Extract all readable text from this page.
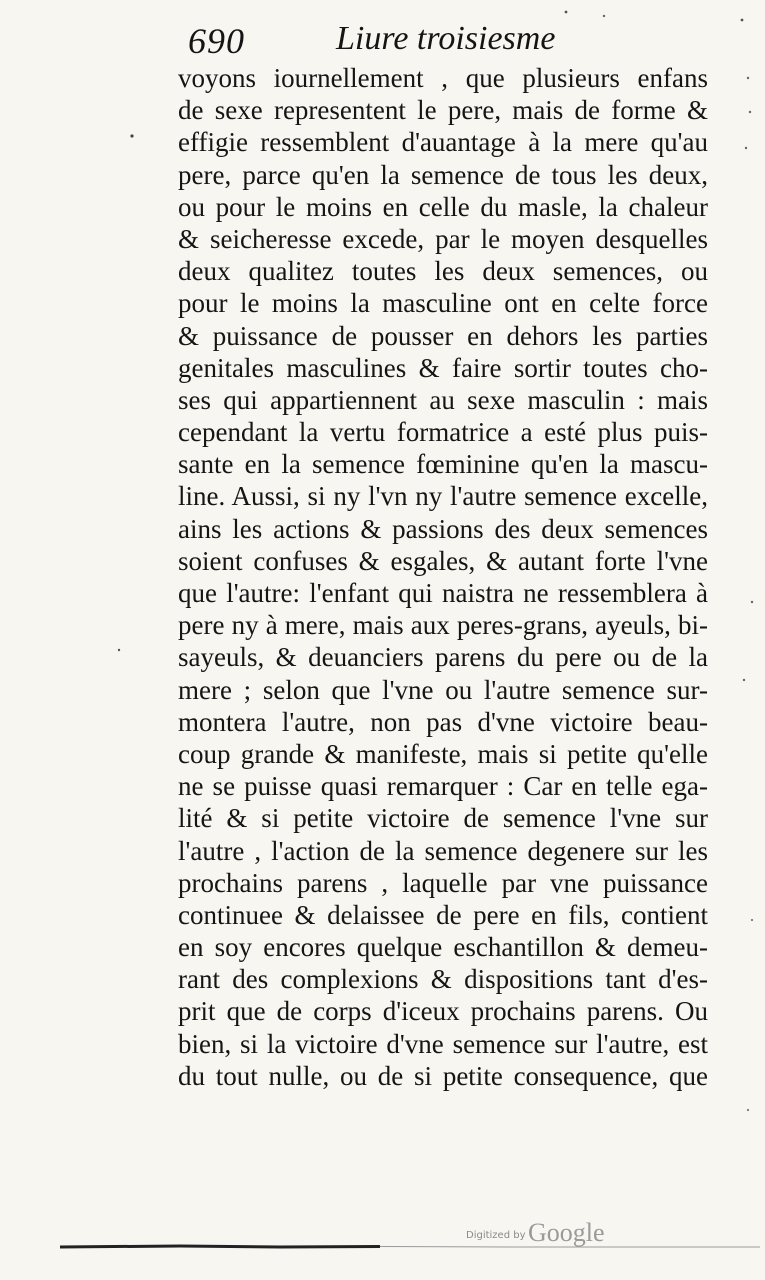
690	Liure troisiesme
voyons iournellement , que plusieurs enfans
de sexe representent le pere, mais de forme &
effigie ressemblent d'auantage à la mere qu'au
pere, parce qu'en la semence de tous les deux,
ou pour le moins en celle du masle, la chaleur
& seicheresse excede, par le moyen desquelles
deux qualitez toutes les deux semences, ou
pour le moins la masculine ont en celte force
& puissance de pousser en dehors les parties
genitales masculines & faire sortir toutes cho-
ses qui appartiennent au sexe masculin : mais
cependant la vertu formatrice a esté plus puis-
sante en la semence fœminine qu'en la mascu-
line. Aussi, si ny l'vn ny l'autre semence excelle,
ains les actions & passions des deux semences
soient confuses & esgales, & autant forte l'vne
que l'autre: l'enfant qui naistra ne ressemblera à
pere ny à mere, mais aux peres-grans, ayeuls, bi-
sayeuls, & deuanciers parens du pere ou de la
mere ; selon que l'vne ou l'autre semence sur-
montera l'autre, non pas d'vne victoire beau-
coup grande & manifeste, mais si petite qu'elle
ne se puisse quasi remarquer : Car en telle ega-
lité & si petite victoire de semence l'vne sur
l'autre , l'action de la semence degenere sur les
prochains parens , laquelle par vne puissance
continuee & delaissee de pere en fils, contient
en soy encores quelque eschantillon & demeu-
rant des complexions & dispositions tant d'es-
prit que de corps d'iceux prochains parens. Ou
bien, si la victoire d'vne semence sur l'autre, est
du tout nulle, ou de si petite consequence, que
Digitized by Google
